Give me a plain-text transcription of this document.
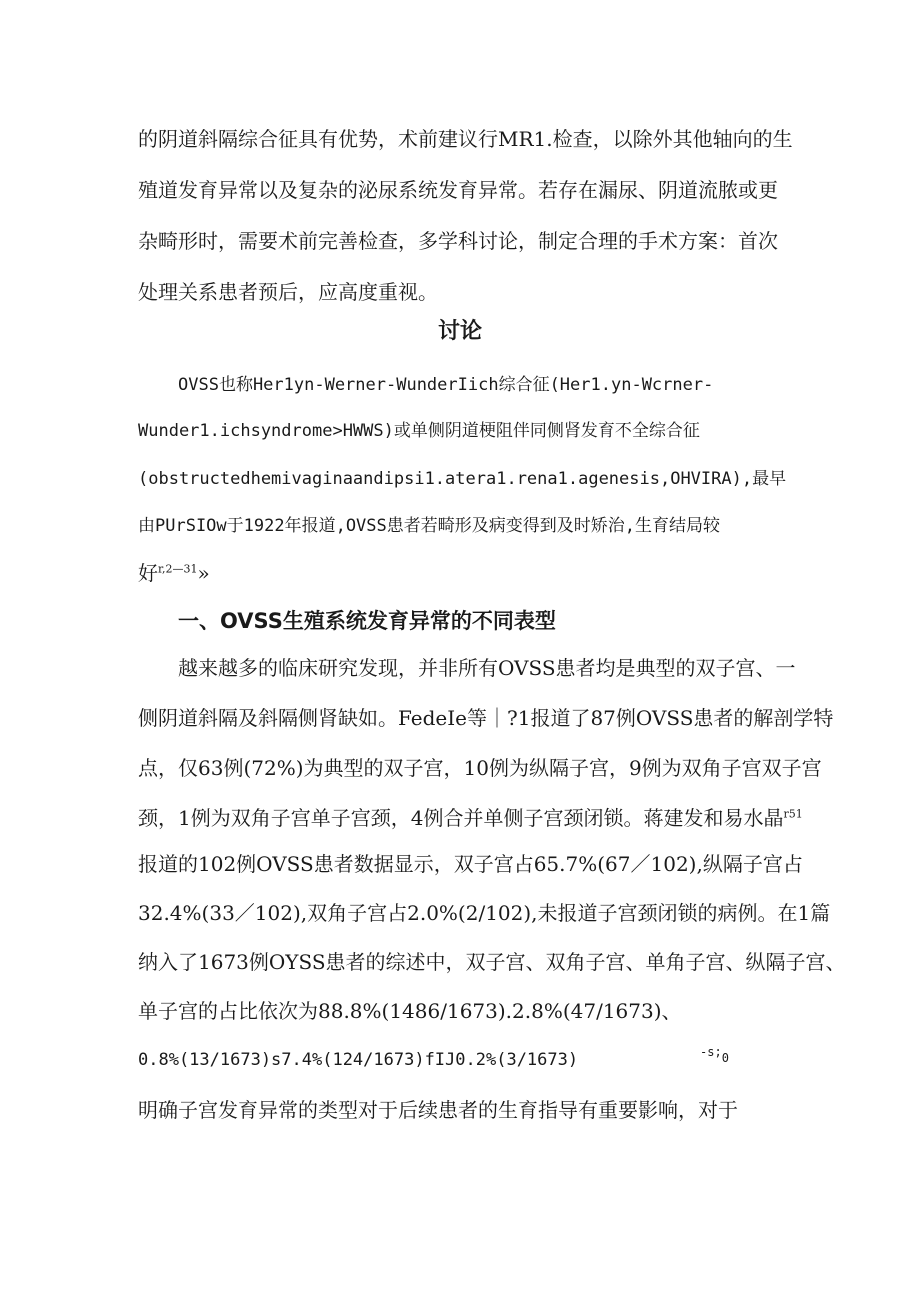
的阴道斜隔综合征具有优势，术前建议行MR1.检查，以除外其他轴向的生

殖道发育异常以及复杂的泌尿系统发育异常。若存在漏尿、阴道流脓或更

杂畸形时，需要术前完善检查，多学科讨论，制定合理的手术方案：首次

处理关系患者预后，应高度重视。

讨论

OVSS也称Her1yn-Werner-WunderIich综合征(Her1.yn-Wcrner-

Wunder1.ichsyndrome>HWWS)或单侧阴道梗阻伴同侧肾发育不全综合征

(obstructedhemivaginaandipsi1.atera1.rena1.agenesis,OHVIRA),最早

由PUrSIOw于1922年报道,OVSS患者若畸形及病变得到及时矫治,生育结局较

好$^{r,2—31}$»

一、OVSS生殖系统发育异常的不同表型

越来越多的临床研究发现，并非所有OVSS患者均是典型的双子宫、一

侧阴道斜隔及斜隔侧肾缺如。FedeIe等｜?1报道了87例OVSS患者的解剖学特

点，仅63例(72%)为典型的双子宫，10例为纵隔子宫，9例为双角子宫双子宫

颈，1例为双角子宫单子宫颈，4例合并单侧子宫颈闭锁。蒋建发和易水晶$^{r51}$

报道的102例OVSS患者数据显示，双子宫占65.7%(67／102),纵隔子宫占

32.4%(33／102),双角子宫占2.0%(2/102),未报道子宫颈闭锁的病例。在1篇

纳入了1673例OYSS患者的综述中，双子宫、双角子宫、单角子宫、纵隔子宫、

单子宫的占比依次为88.8%(1486/1673).2.8%(47/1673)、

0.8%(13/1673)s7.4%(124/1673)fIJ0.2%(3/1673)	-s;0

明确子宫发育异常的类型对于后续患者的生育指导有重要影响，对于
